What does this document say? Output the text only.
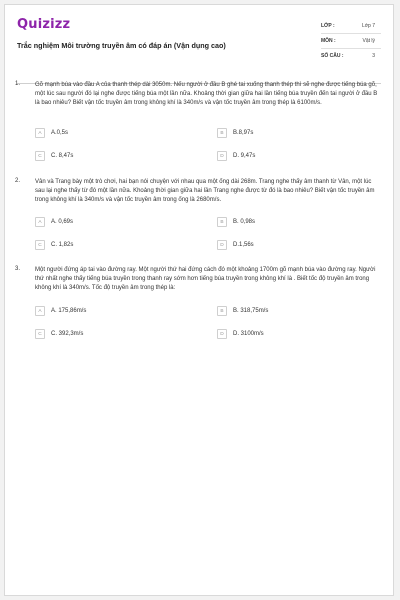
Quizizz
Trắc nghiệm Môi trường truyền âm có đáp án (Vận dụng cao)
LỚP :	Lớp 7
MÔN :	Vật lý
SỐ CÂU :	3
1. Gõ mạnh búa vào đầu A của thanh thép dài 3050m. Nếu người ở đầu B ghé tai xuống thanh thép thì sẽ nghe được tiếng búa gõ, một lúc sau người đó lại nghe được tiếng búa một lần nữa. Khoảng thời gian giữa hai lần tiếng búa truyền đến tai người ở đầu B là bao nhiêu? Biết vận tốc truyền âm trong không khí là 340m/s và vận tốc truyền âm trong thép là 6100m/s.
A	A.0,5s	B	B.8,97s
C	C. 8,47s	D	D. 9,47s
2. Vân và Trang bày một trò chơi, hai bạn nói chuyện với nhau qua một ống dài 268m. Trang nghe thấy âm thanh từ Vân, một lúc sau lại nghe thấy từ đó một lần nữa. Khoảng thời gian giữa hai lần Trang nghe được từ đó là bao nhiêu? Biết vận tốc truyền âm trong không khí là 340m/s và vận tốc truyền âm trong ống là 2680m/s.
A	A. 0,69s	B	B. 0,98s
C	C. 1,82s	D	D.1,56s
3. Một người đứng áp tai vào đường ray. Một người thứ hai đứng cách đó một khoảng 1700m gõ mạnh búa vào đường ray. Người thứ nhất nghe thấy tiếng búa truyền trong thanh ray sớm hơn tiếng búa truyền trong không khí là . Biết tốc độ truyền âm trong không khí là 340m/s. Tốc độ truyền âm trong thép là:
A	A. 175,86m/s	B	B. 318,75m/s
C	C. 392,3m/s	D	D. 3100m/s
